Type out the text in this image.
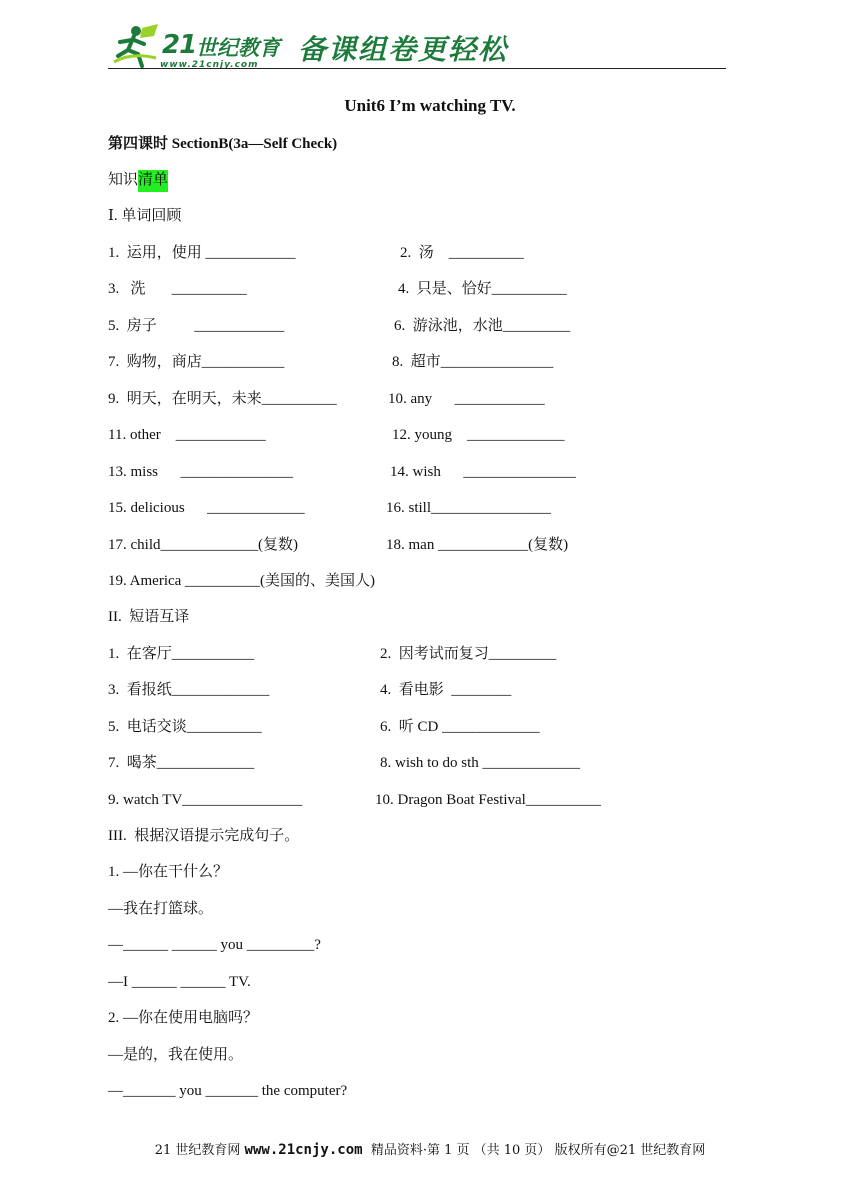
21 世纪教育
www.21cnjy.com 备课组卷更轻松
Unit6 I’m watching TV.
第四课时 SectionB(3a—Self Check)
知识清单
Ⅰ. 单词回顾
1.  运用，使用 ____________	2.  汤    __________
3.   洗       __________	4.  只是、恰好__________
5.  房子          ____________	6.  游泳池，水池_________
7.  购物，商店___________	8.  超市_______________
9.  明天，在明天，未来__________	10. any      ____________
11. other    ____________	12. young    _____________
13. miss      _______________	14. wish      _______________
15. delicious      _____________	16. still________________
17. child_____________(复数)	18. man ____________(复数)
19. America __________(美国的、美国人)
II.  短语互译
1.  在客厅___________	2.  因考试而复习_________
3.  看报纸_____________	4.  看电影  ________
5.  电话交谈__________	6.  听 CD _____________
7.  喝茶_____________	8. wish to do sth _____________
9. watch TV________________	10. Dragon Boat Festival__________
III.  根据汉语提示完成句子。
1. —你在干什么？
—我在打篮球。
—______ ______ you _________?
—I ______ ______ TV.
2. —你在使用电脑吗？
—是的，我在使用。
—_______ you _______ the computer?
21 世纪教育网 www.21cnjy.com  精品资料·第 1 页 （共 10 页） 版权所有@21 世纪教育网
